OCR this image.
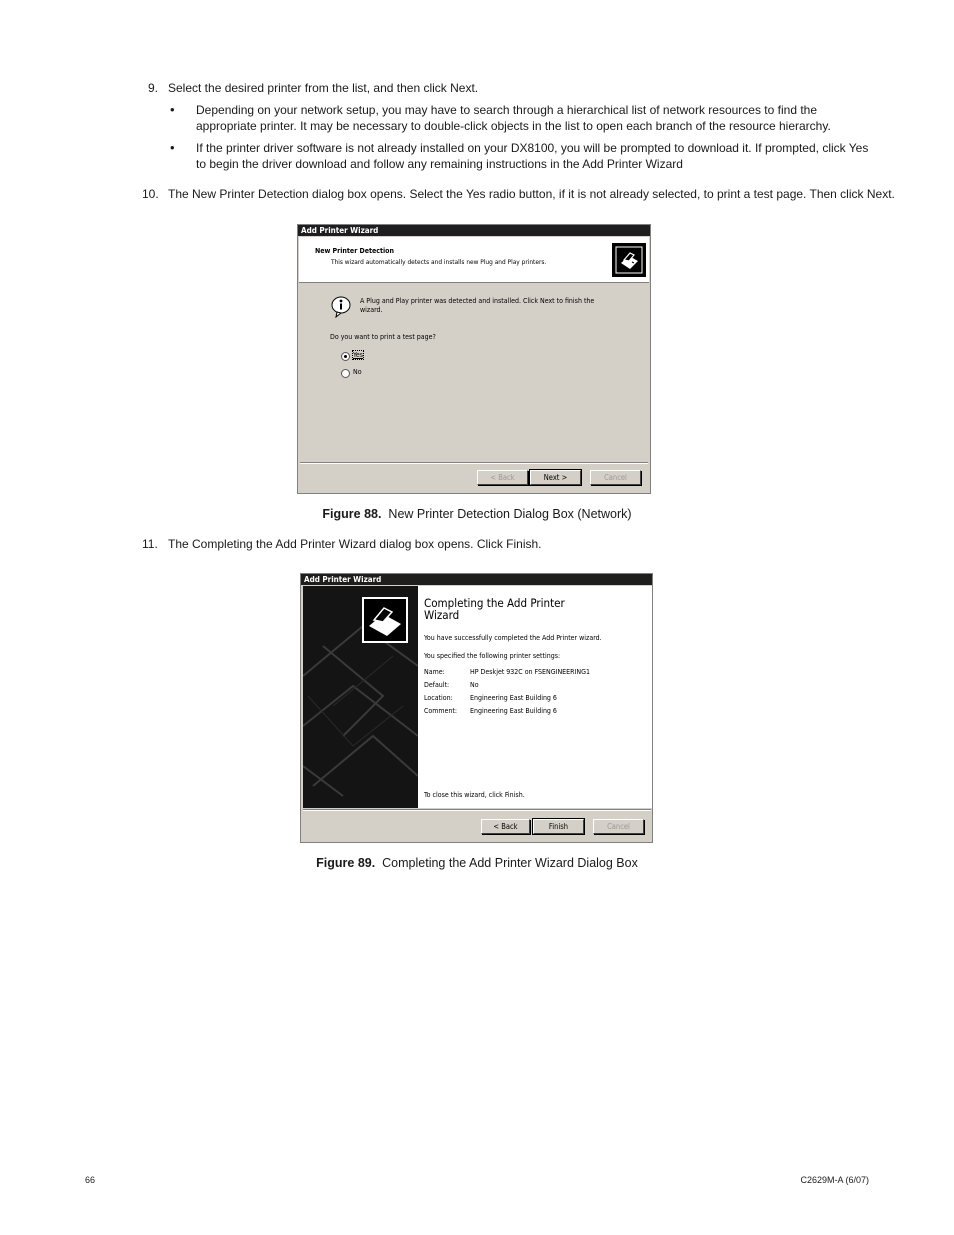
9. Select the desired printer from the list, and then click Next.
• Depending on your network setup, you may have to search through a hierarchical list of network resources to find the appropriate printer. It may be necessary to double-click objects in the list to open each branch of the resource hierarchy.
• If the printer driver software is not already installed on your DX8100, you will be prompted to download it. If prompted, click Yes to begin the driver download and follow any remaining instructions in the Add Printer Wizard
10. The New Printer Detection dialog box opens. Select the Yes radio button, if it is not already selected, to print a test page. Then click Next.
Add Printer Wizard
New Printer Detection
This wizard automatically detects and installs new Plug and Play printers.
A Plug and Play printer was detected and installed. Click Next to finish the
wizard.
Do you want to print a test page?
Yes
No
< Back	Next >	Cancel
Figure 88. New Printer Detection Dialog Box (Network)
11. The Completing the Add Printer Wizard dialog box opens. Click Finish.
Add Printer Wizard
Completing the Add Printer
Wizard
You have successfully completed the Add Printer wizard.
You specified the following printer settings:
Name:	HP Deskjet 932C on FSENGINEERING1
Default:	No
Location: Engineering East Building 6
Comment: Engineering East Building 6
To close this wizard, click Finish.
< Back	Finish	Cancel
Figure 89. Completing the Add Printer Wizard Dialog Box
66	C2629M-A (6/07)
